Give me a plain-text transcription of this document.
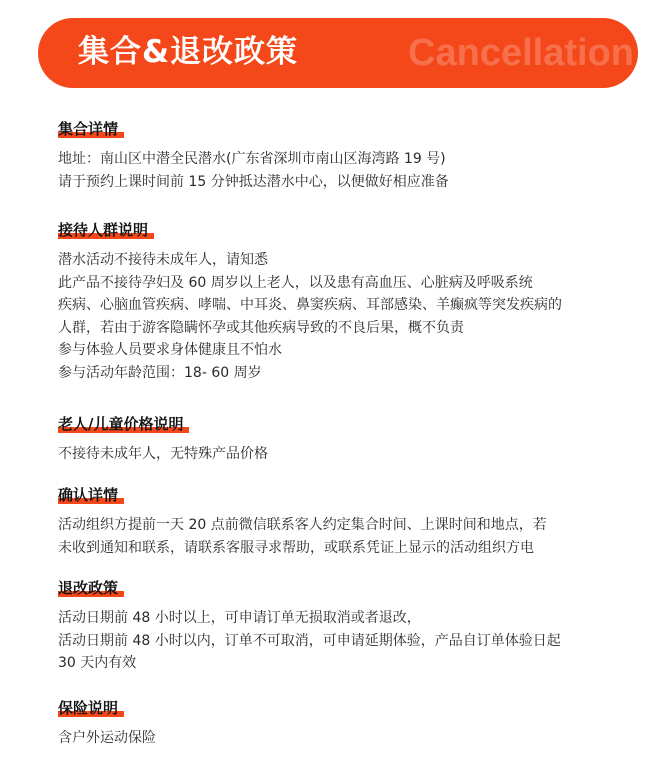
集合&退改政策	Cancellation
集合详情
地址：南山区中潜全民潜水(广东省深圳市南山区海湾路 19 号)
请于预约上课时间前 15 分钟抵达潜水中心，以便做好相应准备
接待人群说明
潜水活动不接待未成年人，请知悉
此产品不接待孕妇及 60 周岁以上老人，以及患有高血压、心脏病及呼吸系统
疾病、心脑血管疾病、哮喘、中耳炎、鼻窦疾病、耳部感染、羊癫疯等突发疾病的
人群，若由于游客隐瞒怀孕或其他疾病导致的不良后果，概不负责
参与体验人员要求身体健康且不怕水
参与活动年龄范围：18- 60 周岁
老人/儿童价格说明
不接待未成年人，无特殊产品价格
确认详情
活动组织方提前一天 20 点前微信联系客人约定集合时间、上课时间和地点，若
未收到通知和联系，请联系客服寻求帮助，或联系凭证上显示的活动组织方电
退改政策
活动日期前 48 小时以上，可申请订单无损取消或者退改，
活动日期前 48 小时以内，订单不可取消，可申请延期体验，产品自订单体验日起
30 天内有效
保险说明
含户外运动保险
